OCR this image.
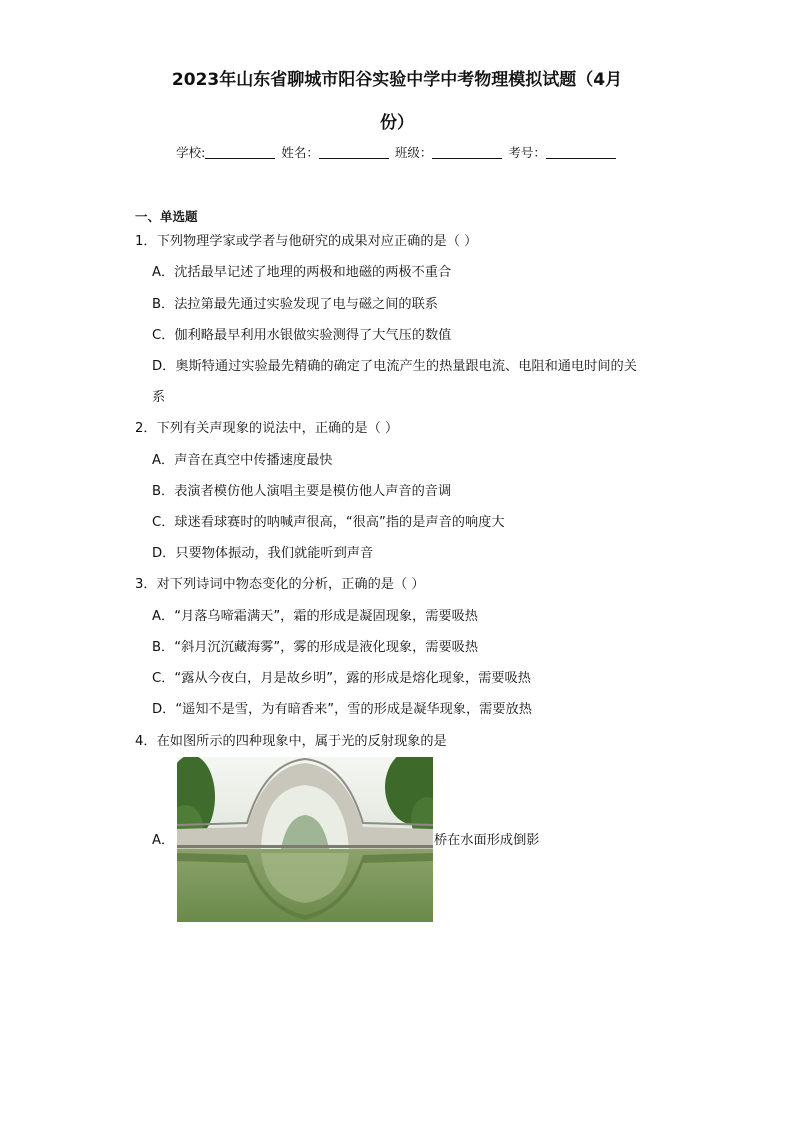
2023年山东省聊城市阳谷实验中学中考物理模拟试题（4月
份）
学校:	姓名：	班级：	考号：
一、单选题
1．下列物理学家或学者与他研究的成果对应正确的是（ ）
A．沈括最早记述了地理的两极和地磁的两极不重合
B．法拉第最先通过实验发现了电与磁之间的联系
C．伽利略最早利用水银做实验测得了大气压的数值
D．奥斯特通过实验最先精确的确定了电流产生的热量跟电流、电阻和通电时间的关
系
2．下列有关声现象的说法中，正确的是（ ）
A．声音在真空中传播速度最快
B．表演者模仿他人演唱主要是模仿他人声音的音调
C．球迷看球赛时的呐喊声很高，“很高”指的是声音的响度大
D．只要物体振动，我们就能听到声音
3．对下列诗词中物态变化的分析，正确的是（ ）
A．“月落乌啼霜满天”，霜的形成是凝固现象，需要吸热
B．“斜月沉沉藏海雾”，雾的形成是液化现象，需要吸热
C．“露从今夜白，月是故乡明”，露的形成是熔化现象，需要吸热
D．“遥知不是雪，为有暗香来”，雪的形成是凝华现象，需要放热
4．在如图所示的四种现象中，属于光的反射现象的是
A．	桥在水面形成倒影
